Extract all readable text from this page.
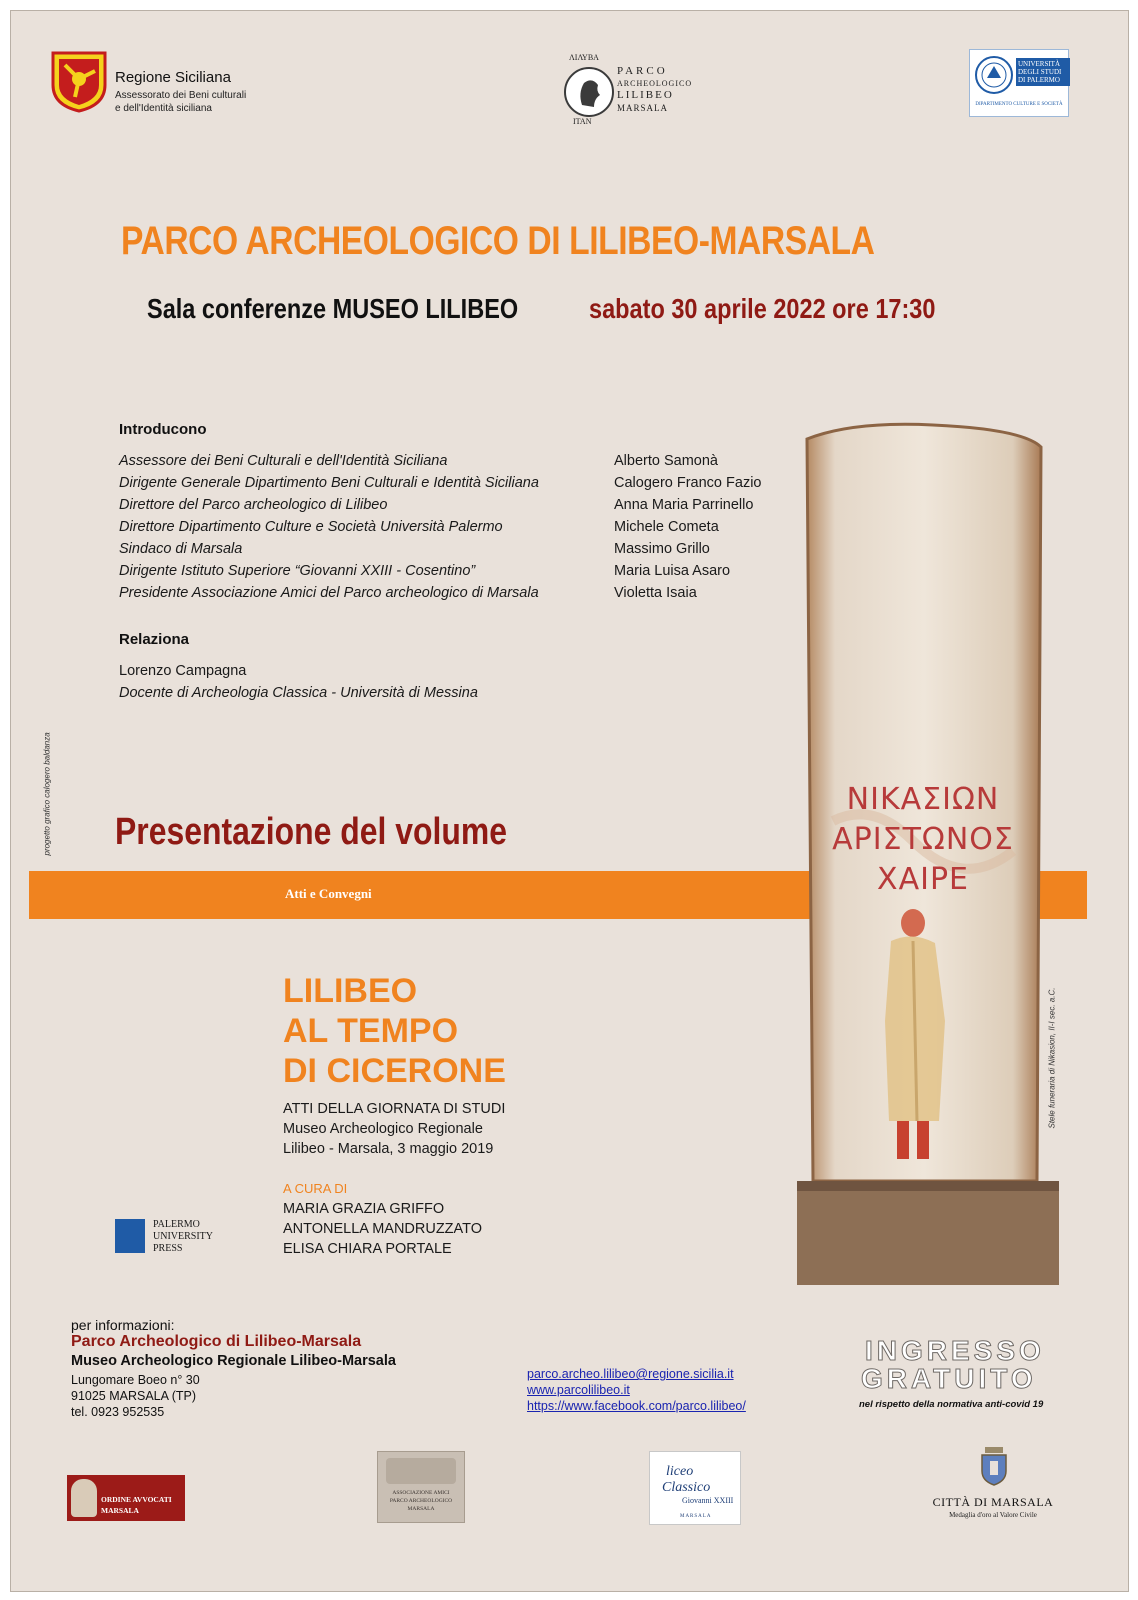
Regione Siciliana
Assessorato dei Beni culturali
e dell'Identità siciliana
ΛΙΛΥΒΑ
ITAN
PARCO
ARCHEOLOGICO
LILIBEO
MARSALA
UNIVERSITÀ DEGLI STUDI DI PALERMO
DIPARTIMENTO CULTURE E SOCIETÀ
PARCO ARCHEOLOGICO DI LILIBEO-MARSALA
Sala conferenze MUSEO LILIBEO	sabato 30 aprile 2022 ore 17:30
Introducono
Assessore dei Beni Culturali e dell'Identità Siciliana
Dirigente Generale Dipartimento Beni Culturali e Identità Siciliana
Direttore del Parco archeologico di Lilibeo
Direttore Dipartimento Culture e Società Università Palermo
Sindaco di Marsala
Dirigente Istituto Superiore “Giovanni XXIII - Cosentino”
Presidente Associazione Amici del Parco archeologico di Marsala
Alberto Samonà
Calogero Franco Fazio
Anna Maria Parrinello
Michele Cometa
Massimo Grillo
Maria Luisa Asaro
Violetta Isaia
Relaziona
Lorenzo Campagna
Docente di Archeologia Classica - Università di Messina
progetto grafico calogero baldanza Presentazione del volume
Atti e Convegni
ΝΙΚΑΣΙΩΝ
ΑΡΙΣΤΩΝΟΣ
ΧΑΙΡΕ
Stele funeraria di Nikasion, II-I sec. a.C.
LILIBEO
AL TEMPO
DI CICERONE
ATTI DELLA GIORNATA DI STUDI
Museo Archeologico Regionale
Lilibeo - Marsala, 3 maggio 2019
A CURA DI
MARIA GRAZIA GRIFFO
ANTONELLA MANDRUZZATO
ELISA CHIARA PORTALE
PALERMO
UNIVERSITY
PRESS
per informazioni:
Parco Archeologico di Lilibeo-Marsala
Museo Archeologico Regionale Lilibeo-Marsala
Lungomare Boeo n° 30
91025 MARSALA (TP)
tel. 0923 952535
parco.archeo.lilibeo@regione.sicilia.it
www.parcolilibeo.it
https://www.facebook.com/parco.lilibeo/
INGRESSO
GRATUITO
nel rispetto della normativa anti-covid 19
ORDINE AVVOCATI
MARSALA
ASSOCIAZIONE AMICI
PARCO ARCHEOLOGICO
MARSALA
liceo
Classico
Giovanni XXIII
MARSALA
CITTÀ DI MARSALA
Medaglia d'oro al Valore Civile
